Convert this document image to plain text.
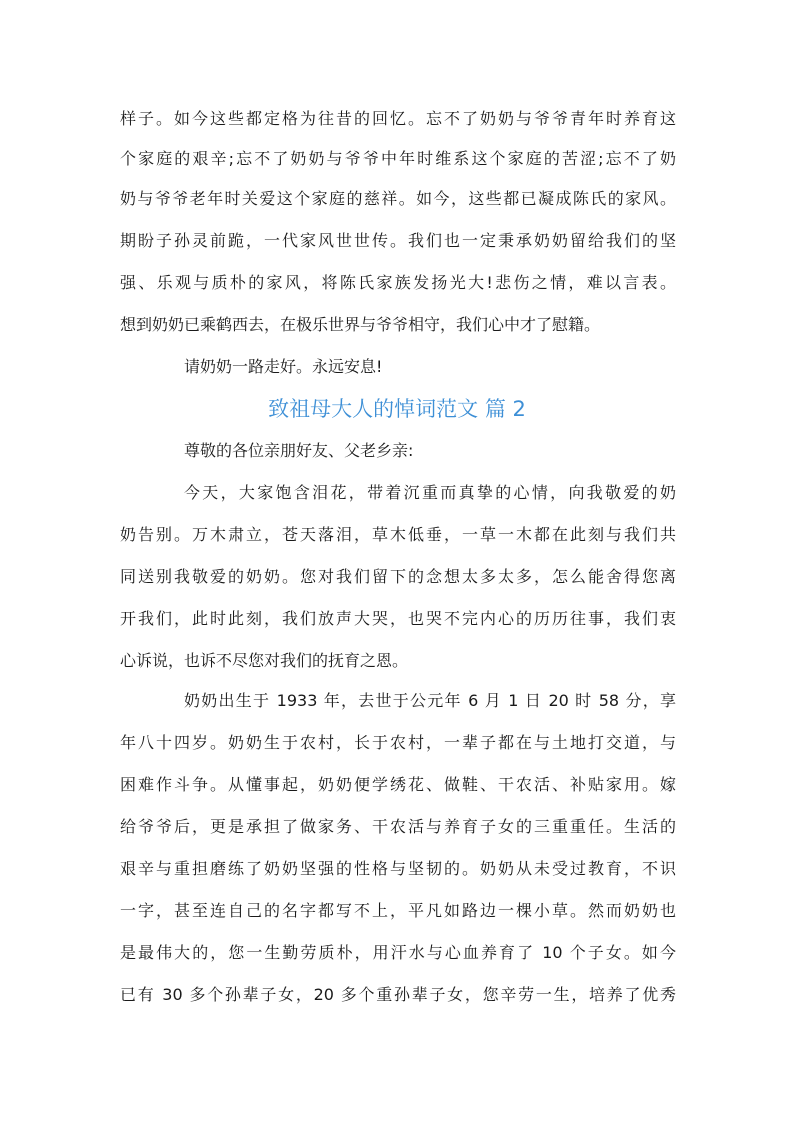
样子。如今这些都定格为往昔的回忆。忘不了奶奶与爷爷青年时养育这
个家庭的艰辛;忘不了奶奶与爷爷中年时维系这个家庭的苦涩;忘不了奶
奶与爷爷老年时关爱这个家庭的慈祥。如今，这些都已凝成陈氏的家风。
期盼子孙灵前跪，一代家风世世传。我们也一定秉承奶奶留给我们的坚
强、乐观与质朴的家风，将陈氏家族发扬光大!悲伤之情，难以言表。
想到奶奶已乘鹤西去，在极乐世界与爷爷相守，我们心中才了慰籍。
请奶奶一路走好。永远安息!
致祖母大人的悼词范文 篇 2
尊敬的各位亲朋好友、父老乡亲:
今天，大家饱含泪花，带着沉重而真挚的心情，向我敬爱的奶
奶告别。万木肃立，苍天落泪，草木低垂，一草一木都在此刻与我们共
同送别我敬爱的奶奶。您对我们留下的念想太多太多，怎么能舍得您离
开我们，此时此刻，我们放声大哭，也哭不完内心的历历往事，我们衷
心诉说，也诉不尽您对我们的抚育之恩。
奶奶出生于 1933 年，去世于公元年 6 月 1 日 20 时 58 分，享
年八十四岁。奶奶生于农村，长于农村，一辈子都在与土地打交道，与
困难作斗争。从懂事起，奶奶便学绣花、做鞋、干农活、补贴家用。嫁
给爷爷后，更是承担了做家务、干农活与养育子女的三重重任。生活的
艰辛与重担磨练了奶奶坚强的性格与坚韧的。奶奶从未受过教育，不识
一字，甚至连自己的名字都写不上，平凡如路边一棵小草。然而奶奶也
是最伟大的，您一生勤劳质朴，用汗水与心血养育了 10 个子女。如今
已有 30 多个孙辈子女，20 多个重孙辈子女，您辛劳一生，培养了优秀
